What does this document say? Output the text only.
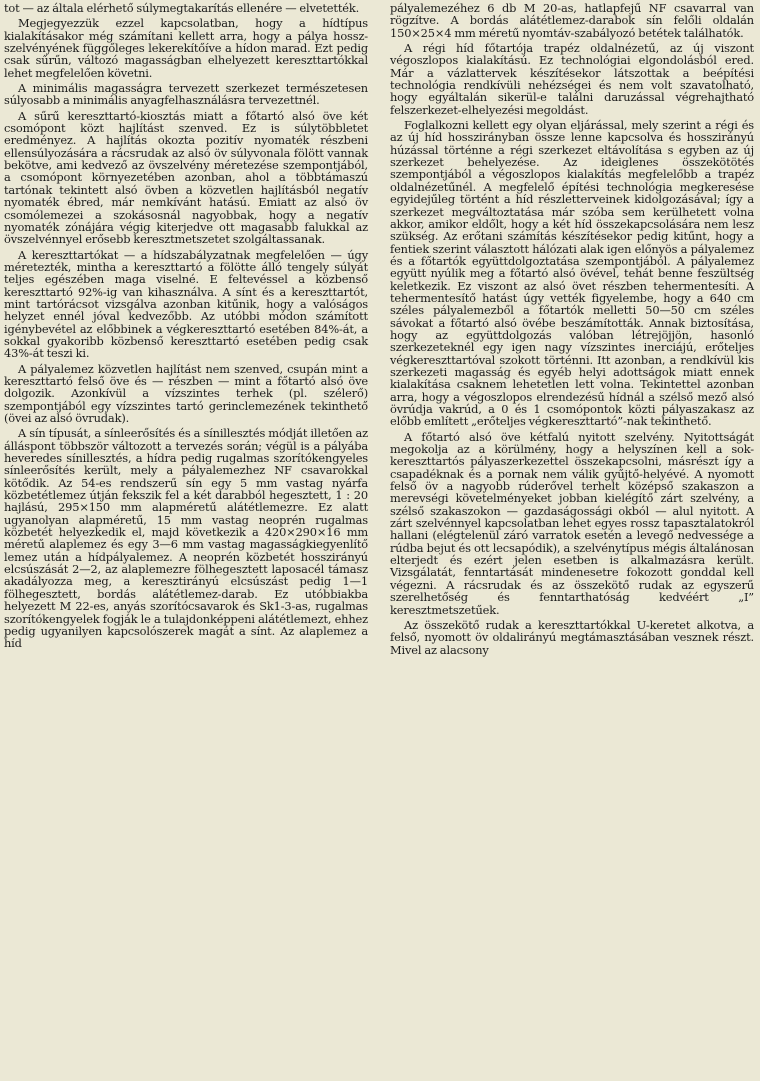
tot — az általa elérhető súlymegtakarítás ellenére — elvetették.

Megjegyezzük ezzel kapcsolatban, hogy a hídtípus kialakításakor még számítani kellett arra, hogy a pálya hossz-szelvényének függőleges lekerekítőíve a hídon marad. Ezt pedig csak sűrűn, változó magasságban elhelyezett kereszttartókkal lehet megfelelően követni.

A minimális magasságra tervezett szerkezet természetesen súlyosabb a minimális anyagfelhasználásra tervezettnél.

A sűrű kereszttartó-kiosztás miatt a főtartó alsó öve két csomópont közt hajlítást szenved. Ez is súlytöbbletet eredményez. A hajlítás okozta pozitív nyomaték részbeni ellensúlyozására a rácsrudak az alsó öv súlyvonala fölött vannak bekötve, ami kedvező az övszelvény méretezése szempontjából, a csomópont környezetében azonban, ahol a többtámaszú tartónak tekintett alsó övben a közvetlen hajlításból negatív nyomaték ébred, már nemkívánt hatású. Emiatt az alsó öv csomólemezei a szokásosnál nagyobbak, hogy a negatív nyomaték zónájára végig kiterjedve ott magasabb falukkal az övszelvénnyel erősebb keresztmetszetet szolgáltassanak.

A kereszttartókat — a hídszabályzatnak megfelelően — úgy méretezték, mintha a kereszttartó a fölötte álló tengely súlyát teljes egészében maga viselné. E feltevéssel a közbenső kereszttartó 92%-ig van kihasználva. A sínt és a kereszttartót, mint tartórácsot vizsgálva azonban kitűnik, hogy a valóságos helyzet ennél jóval kedvezőbb. Az utóbbi módon számított igénybevétel az előbbinek a végkereszttartó esetében 84%-át, a sokkal gyakoribb közbenső kereszttartó esetében pedig csak 43%-át teszi ki.

A pályalemez közvetlen hajlítást nem szenved, csupán mint a kereszttartó felső öve és — részben — mint a főtartó alsó öve dolgozik. Azonkívül a vízszintes terhek (pl. szélerő) szempontjából egy vízszintes tartó gerinclemezének tekinthető (övei az alsó övrudak).

A sín típusát, a sínleerősítés és a sínillesztés módját illetően az álláspont többször változott a tervezés során; végül is a pályába heveredes sínillesztés, a hídra pedig rugalmas szorítókengyeles sínleerősítés került, mely a pályalemezhez NF csavarokkal kötődik. Az 54-es rendszerű sín egy 5 mm vastag nyárfa közbetétlemez útján fekszik fel a két darabból hegesztett, 1 : 20 hajlású, 295×150 mm alapméretű alátétlemezre. Ez alatt ugyanolyan alapméretű, 15 mm vastag neoprén rugalmas közbetét helyezkedik el, majd következik a 420×290×16 mm méretű alaplemez és egy 3—6 mm vastag magasságkiegyenlítő lemez után a hídpályalemez. A neoprén közbetét hosszirányú elcsúszását 2—2, az alaplemezre fölhegesztett laposacél támasz akadályozza meg, a keresztirányú elcsúszást pedig 1—1 fölhegesztett, bordás alátétlemez-darab. Ez utóbbiakba helyezett M 22-es, anyás szorítócsavarok és Sk1-3-as, rugalmas szorítókengyelek fogják le a tulajdonképpeni alátétlemezt, ehhez pedig ugyanilyen kapcsolószerek magát a sínt. Az alaplemez a híd

pályalemezéhez 6 db M 20-as, hatlapfejű NF csavarral van rögzítve. A bordás alátétlemez-darabok sín felőli oldalán 150×25×4 mm méretű nyomtáv-szabályozó betétek találhatók.

A régi híd főtartója trapéz oldalnézetű, az új viszont végoszlopos kialakítású. Ez technológiai elgondolásból ered. Már a vázlattervek készítésekor látszottak a beépítési technológia rendkívüli nehézségei és nem volt szavatolható, hogy egyáltalán sikerül-e találni daruzással végrehajtható felszerkezet-elhelyezési megoldást.

Foglalkozni kellett egy olyan eljárással, mely szerint a régi és az új híd hosszirányban össze lenne kapcsolva és hosszirányú húzással történne a régi szerkezet eltávolítása s egyben az új szerkezet behelyezése. Az ideiglenes összekötötés szempontjából a végoszlopos kialakítás megfelelőbb a trapéz oldalnézetűnél. A megfelelő építési technológia megkeresése egyidejűleg történt a híd részletterveinek kidolgozásával; így a szerkezet megváltoztatása már szóba sem kerülhetett volna akkor, amikor eldőlt, hogy a két híd összekapcsolására nem lesz szükség. Az erőtani számítás készítésekor pedig kitűnt, hogy a fentiek szerint választott hálózati alak igen előnyös a pályalemez és a főtartók együttdolgoztatása szempontjából. A pályalemez együtt nyúlik meg a főtartó alsó övével, tehát benne feszültség keletkezik. Ez viszont az alsó övet részben tehermentesíti. A tehermentesítő hatást úgy vették figyelembe, hogy a 640 cm széles pályalemezből a főtartók melletti 50—50 cm széles sávokat a főtartó alsó övébe beszámították. Annak biztosítása, hogy az együttdolgozás valóban létrejöjjön, hasonló szerkezeteknél egy igen nagy vízszintes inerciájú, erőteljes végkereszttartóval szokott történni. Itt azonban, a rendkívül kis szerkezeti magasság és egyéb helyi adottságok miatt ennek kialakítása csaknem lehetetlen lett volna. Tekintettel azonban arra, hogy a végoszlopos elrendezésű hídnál a szélső mező alsó övrúdja vakrúd, a 0 és 1 csomópontok közti pályaszakasz az előbb említett „erőteljes végkereszttartó”-nak tekinthető.

A főtartó alsó öve kétfalú nyitott szelvény. Nyitottságát megokolja az a körülmény, hogy a helyszínen kell a sok-kereszttartós pályaszerkezettel összekapcsolni, másrészt így a csapadéknak és a pornak nem válik gyűjtő-helyévé. A nyomott felső öv a nagyobb rúderővel terhelt középső szakaszon a merevségi követelményeket jobban kielégítő zárt szelvény, a szélső szakaszokon — gazdaságossági okból — alul nyitott. A zárt szelvénnyel kapcsolatban lehet egyes rossz tapasztalatokról hallani (elégtelenül záró varratok esetén a levegő nedvessége a rúdba bejut és ott lecsapódik), a szelvénytípus mégis általánosan elterjedt és ezért jelen esetben is alkalmazásra került. Vizsgálatát, fenntartását mindenesetre fokozott gonddal kell végezni. A rácsrudak és az összekötő rudak az egyszerű szerelhetőség és fenntarthatóság kedvéért „I” keresztmetszetűek.

Az összekötő rudak a kereszttartókkal U-keretet alkotva, a felső, nyomott öv oldalirányú megtámasztásában vesznek részt. Mivel az alacsony
